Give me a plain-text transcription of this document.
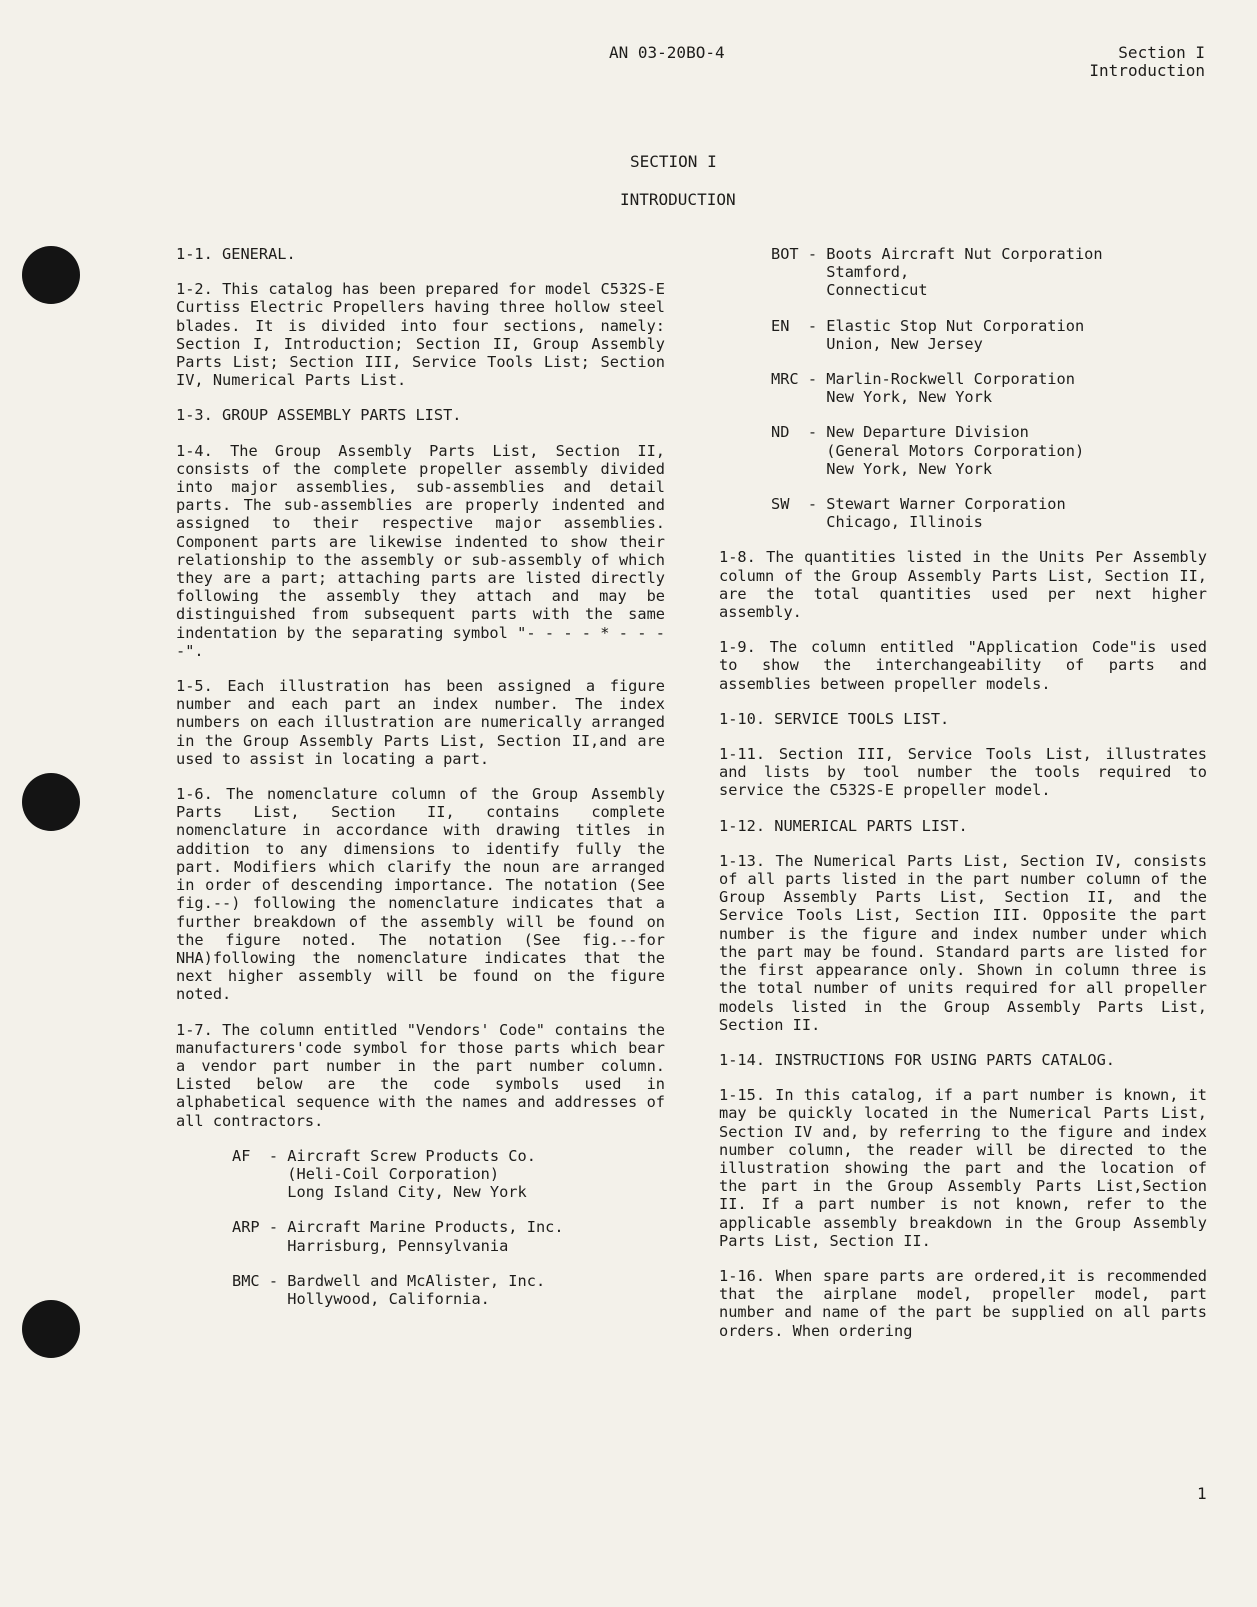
AN 03-20BO-4	Section I
Introduction
SECTION I
INTRODUCTION

1-1. GENERAL.

1-2. This catalog has been prepared for model C532S-E Curtiss Electric Propellers having three hollow steel blades. It is divided into four sections, namely: Section I, Introduction; Section II, Group Assembly Parts List; Section III, Service Tools List; Section IV, Numerical Parts List.

1-3. GROUP ASSEMBLY PARTS LIST.

1-4. The Group Assembly Parts List, Section II, consists of the complete propeller assembly divided into major assemblies, sub-assemblies and detail parts. The sub-assemblies are properly indented and assigned to their respective major assemblies. Component parts are likewise indented to show their relationship to the assembly or sub-assembly of which they are a part; attaching parts are listed directly following the assembly they attach and may be distinguished from subsequent parts with the same indentation by the separating symbol "- - - - * - - - -".

1-5. Each illustration has been assigned a figure number and each part an index number. The index numbers on each illustration are numerically arranged in the Group Assembly Parts List, Section II,and are used to assist in locating a part.

1-6. The nomenclature column of the Group Assembly Parts List, Section II, contains complete nomenclature in accordance with drawing titles in addition to any dimensions to identify fully the part. Modifiers which clarify the noun are arranged in order of descending importance. The notation (See fig.--) following the nomenclature indicates that a further breakdown of the assembly will be found on the figure noted. The notation (See fig.--for NHA)following the nomenclature indicates that the next higher assembly will be found on the figure noted.

1-7. The column entitled "Vendors' Code" contains the manufacturers'code symbol for those parts which bear a vendor part number in the part number column. Listed below are the code symbols used in alphabetical sequence with the names and addresses of all contractors.

AF - Aircraft Screw Products Co.
(Heli-Coil Corporation)
Long Island City, New York
ARP - Aircraft Marine Products, Inc.
Harrisburg, Pennsylvania
BMC - Bardwell and McAlister, Inc.
Hollywood, California.
BOT - Boots Aircraft Nut Corporation
Stamford,
Connecticut
EN - Elastic Stop Nut Corporation
Union, New Jersey
MRC - Marlin-Rockwell Corporation
New York, New York
ND - New Departure Division
(General Motors Corporation)
New York, New York
SW - Stewart Warner Corporation
Chicago, Illinois

1-8. The quantities listed in the Units Per Assembly column of the Group Assembly Parts List, Section II, are the total quantities used per next higher assembly.

1-9. The column entitled "Application Code"is used to show the interchangeability of parts and assemblies between propeller models.

1-10. SERVICE TOOLS LIST.

1-11. Section III, Service Tools List, illustrates and lists by tool number the tools required to service the C532S-E propeller model.

1-12. NUMERICAL PARTS LIST.

1-13. The Numerical Parts List, Section IV, consists of all parts listed in the part number column of the Group Assembly Parts List, Section II, and the Service Tools List, Section III. Opposite the part number is the figure and index number under which the part may be found. Standard parts are listed for the first appearance only. Shown in column three is the total number of units required for all propeller models listed in the Group Assembly Parts List, Section II.

1-14. INSTRUCTIONS FOR USING PARTS CATALOG.

1-15. In this catalog, if a part number is known, it may be quickly located in the Numerical Parts List, Section IV and, by referring to the figure and index number column, the reader will be directed to the illustration showing the part and the location of the part in the Group Assembly Parts List,Section II. If a part number is not known, refer to the applicable assembly breakdown in the Group Assembly Parts List, Section II.

1-16. When spare parts are ordered,it is recommended that the airplane model, propeller model, part number and name of the part be supplied on all parts orders. When ordering

1
